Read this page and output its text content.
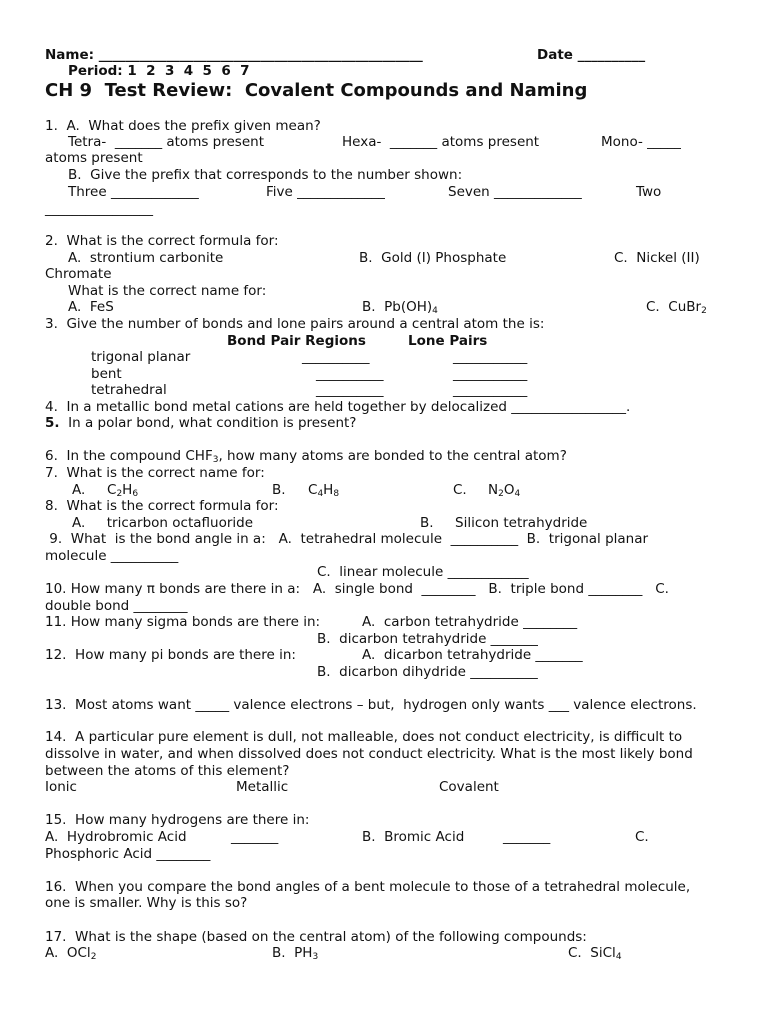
Name: ________________________________________________	Date __________
Period: 1  2  3  4  5  6  7
CH 9  Test Review:  Covalent Compounds and Naming
1.  A.  What does the prefix given mean?
Tetra-  _______ atoms present	Hexa-  _______ atoms present	Mono- _____
atoms present
B.  Give the prefix that corresponds to the number shown:
Three _____________	Five _____________	Seven _____________	Two
________________
2.  What is the correct formula for:
A.  strontium carbonite	B.  Gold (I) Phosphate	C.  Nickel (II)
Chromate
What is the correct name for:
A.  FeS	B.  $Pb(OH)_4$	C.  CuBr$_2$
3.  Give the number of bonds and lone pairs around a central atom the is:
Bond Pair Regions	Lone Pairs
trigonal planar	__________	___________
bent	__________	___________
tetrahedral	__________	___________
4.  In a metallic bond metal cations are held together by delocalized _________________.
5. In a polar bond, what condition is present?
6.  In the compound $CHF_3$, how many atoms are bonded to the central atom?
7.  What is the correct name for:
A. $C_2H_6$	B. $C_4H_8$	C. $N_2O_4$
8.  What is the correct formula for:
A.     tricarbon octafluoride	B.     Silicon tetrahydride
9.  What  is the bond angle in a:   A.  tetrahedral molecule  __________  B.  trigonal planar
molecule __________
C.  linear molecule ____________
10. How many π bonds are there in a:   A.  single bond  ________   B.  triple bond ________   C.
double bond ________
11. How many sigma bonds are there in:	A.  carbon tetrahydride ________
B.  dicarbon tetrahydride _______
12.  How many pi bonds are there in:	A.  dicarbon tetrahydride _______
B.  dicarbon dihydride __________
13.  Most atoms want _____ valence electrons – but,  hydrogen only wants ___ valence electrons.
14.  A particular pure element is dull, not malleable, does not conduct electricity, is difficult to
dissolve in water, and when dissolved does not conduct electricity. What is the most likely bond
between the atoms of this element?
Ionic	Metallic	Covalent
15.  How many hydrogens are there in:
A.  Hydrobromic Acid	_______	B.  Bromic Acid	_______	C.
Phosphoric Acid ________
16.  When you compare the bond angles of a bent molecule to those of a tetrahedral molecule,
one is smaller. Why is this so?
17.  What is the shape (based on the central atom) of the following compounds:
A.  OCl$_2$	B.  $PH_3$	C.  SiCl$_4$
